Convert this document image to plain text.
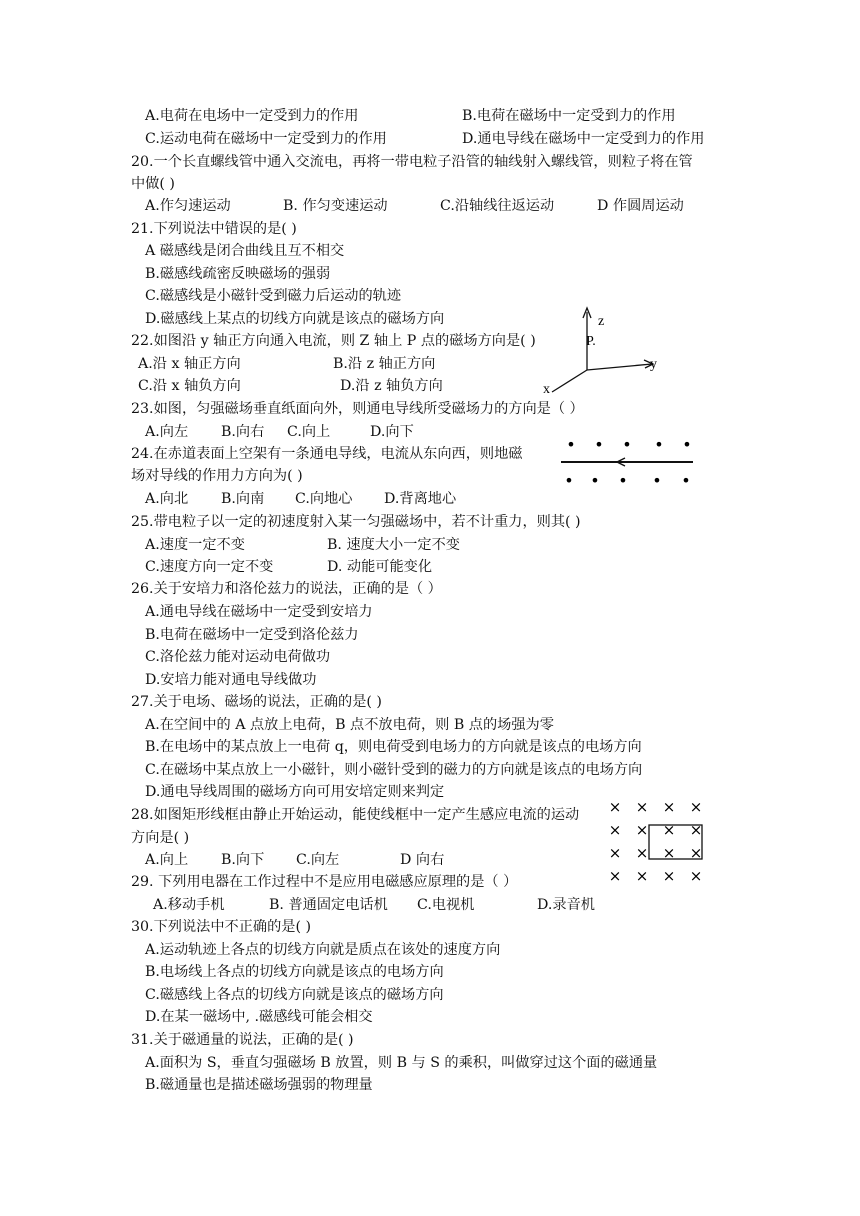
A.电荷在电场中一定受到力的作用	B.电荷在磁场中一定受到力的作用
C.运动电荷在磁场中一定受到力的作用	D.通电导线在磁场中一定受到力的作用
20.一个长直螺线管中通入交流电，再将一带电粒子沿管的轴线射入螺线管，则粒子将在管
中做( )
A.作匀速运动	B. 作匀变速运动	C.沿轴线往返运动	D 作圆周运动
21.下列说法中错误的是( )
A 磁感线是闭合曲线且互不相交
B.磁感线疏密反映磁场的强弱
C.磁感线是小磁针受到磁力后运动的轨迹
D.磁感线上某点的切线方向就是该点的磁场方向
22.如图沿 y 轴正方向通入电流，则 Z 轴上 P 点的磁场方向是( )
A.沿 x 轴正方向	B.沿 z 轴正方向
C.沿 x 轴负方向	D.沿 z 轴负方向
23.如图，匀强磁场垂直纸面向外，则通电导线所受磁场力的方向是（ ）
A.向左 B.向右 C.向上	D.向下
24.在赤道表面上空架有一条通电导线，电流从东向西，则地磁
场对导线的作用力方向为( )
A.向北 B.向南 C.向地心 D.背离地心
25.带电粒子以一定的初速度射入某一匀强磁场中，若不计重力，则其( )
A.速度一定不变	B. 速度大小一定不变
C.速度方向一定不变	D. 动能可能变化
26.关于安培力和洛伦兹力的说法，正确的是（ ）
A.通电导线在磁场中一定受到安培力
B.电荷在磁场中一定受到洛伦兹力
C.洛伦兹力能对运动电荷做功
D.安培力能对通电导线做功
27.关于电场、磁场的说法，正确的是( )
A.在空间中的 A 点放上电荷，B 点不放电荷，则 B 点的场强为零
B.在电场中的某点放上一电荷 q，则电荷受到电场力的方向就是该点的电场方向
C.在磁场中某点放上一小磁针，则小磁针受到的磁力的方向就是该点的电场方向
D.通电导线周围的磁场方向可用安培定则来判定
28.如图矩形线框由静止开始运动，能使线框中一定产生感应电流的运动
方向是( )
A.向上 B.向下 C.向左	D 向右
29. 下列用电器在工作过程中不是应用电磁感应原理的是（ ）
A.移动手机	B. 普通固定电话机 C.电视机	D.录音机
30.下列说法中不正确的是( )
A.运动轨迹上各点的切线方向就是质点在该处的速度方向
B.电场线上各点的切线方向就是该点的电场方向
C.磁感线上各点的切线方向就是该点的磁场方向
D.在某一磁场中, .磁感线可能会相交
31.关于磁通量的说法，正确的是( )
A.面积为 S，垂直匀强磁场 B 放置，则 B 与 S 的乘积，叫做穿过这个面的磁通量
B.磁通量也是描述磁场强弱的物理量
z
P.
y
x
• • • • •
• • • • •
× × × ×
× × × ×
× × × ×
× × × ×
